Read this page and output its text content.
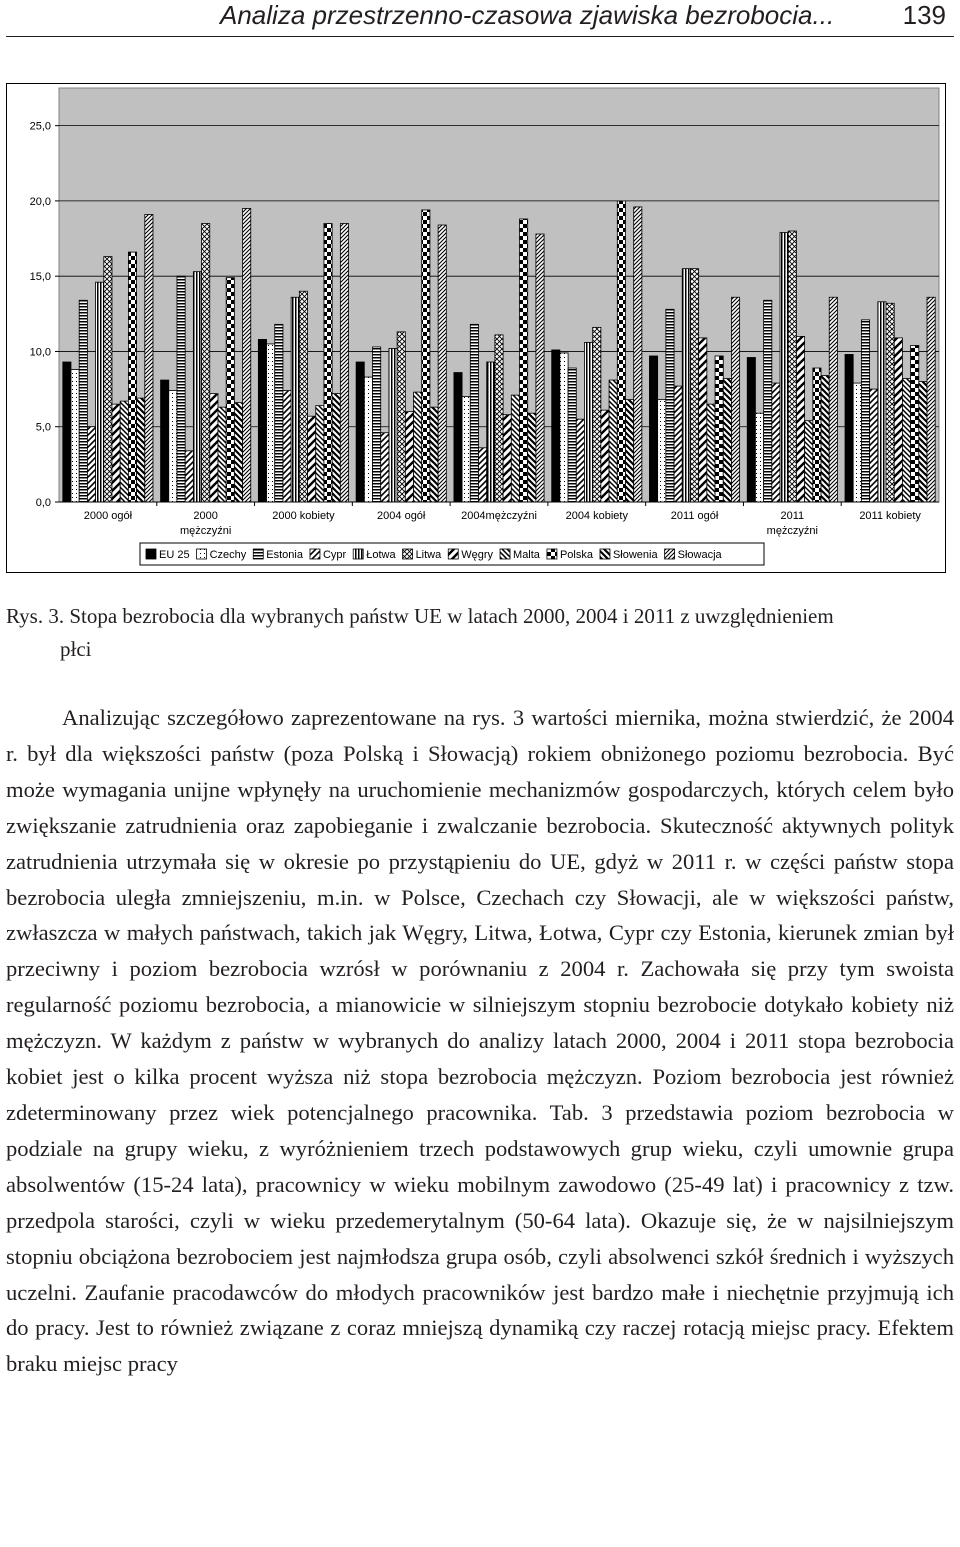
Analiza przestrzenno-czasowa zjawiska bezrobocia...	139
0,0
5,0
10,0
15,0
20,0
25,0
2000 ogół	2000
mężczyźni
2000 kobiety	2004 ogół	2004mężczyźni	2004 kobiety	2011 ogół	2011
mężczyźni
2011 kobiety
EU 25 Czechy Estonia Cypr Łotwa Litwa Węgry Malta Polska Słowenia Słowacja
Rys. 3. Stopa bezrobocia dla wybranych państw UE w latach 2000, 2004 i 2011 z uwzględnieniem
płci

Analizując szczegółowo zaprezentowane na rys. 3 wartości miernika, można stwierdzić, że 2004 r. był dla większości państw (poza Polską i Słowacją) rokiem obniżonego poziomu bezrobocia. Być może wymagania unijne wpłynęły na uruchomienie mechanizmów gospodarczych, których celem było zwiększanie zatrudnienia oraz zapobieganie i zwalczanie bezrobocia. Skuteczność aktywnych polityk zatrudnienia utrzymała się w okresie po przystąpieniu do UE, gdyż w 2011 r. w części państw stopa bezrobocia uległa zmniejszeniu, m.in. w Polsce, Czechach czy Słowacji, ale w większości państw, zwłaszcza w małych państwach, takich jak Węgry, Litwa, Łotwa, Cypr czy Estonia, kierunek zmian był przeciwny i poziom bezrobocia wzrósł w porównaniu z 2004 r. Zachowała się przy tym swoista regularność poziomu bezrobocia, a mianowicie w silniejszym stopniu bezrobocie dotykało kobiety niż mężczyzn. W każdym z państw w wybranych do analizy latach 2000, 2004 i 2011 stopa bezrobocia kobiet jest o kilka procent wyższa niż stopa bezrobocia mężczyzn. Poziom bezrobocia jest również zdeterminowany przez wiek potencjalnego pracownika. Tab. 3 przedstawia poziom bezrobocia w podziale na grupy wieku, z wyróżnieniem trzech podstawowych grup wieku, czyli umownie grupa absolwentów (15-24 lata), pracownicy w wieku mobilnym zawodowo (25-49 lat) i pracownicy z tzw. przedpola starości, czyli w wieku przedemerytalnym (50-64 lata). Okazuje się, że w najsilniejszym stopniu obciążona bezrobociem jest najmłodsza grupa osób, czyli absolwenci szkół średnich i wyższych uczelni. Zaufanie pracodawców do młodych pracowników jest bardzo małe i niechętnie przyjmują ich do pracy. Jest to również związane z coraz mniejszą dynamiką czy raczej rotacją miejsc pracy. Efektem braku miejsc pracy
